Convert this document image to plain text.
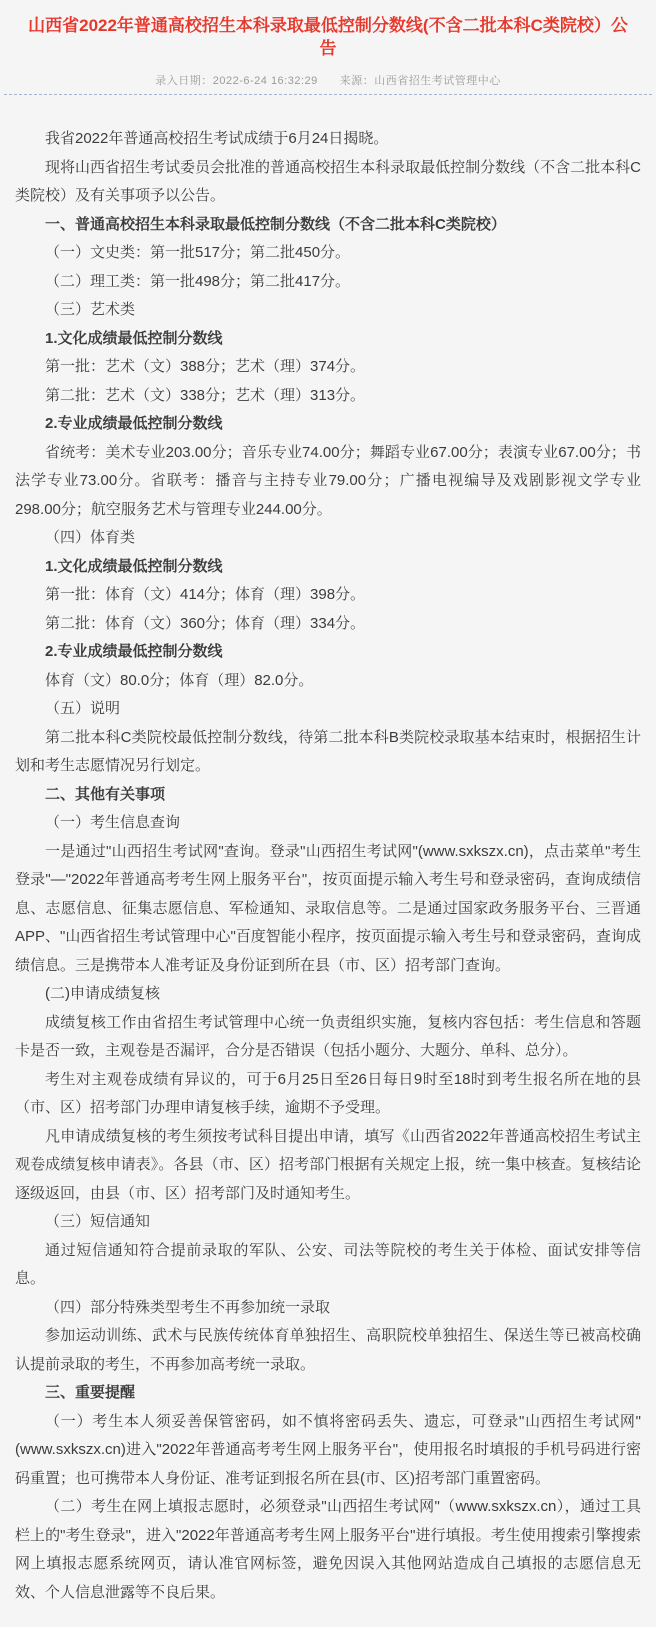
山西省2022年普通高校招生本科录取最低控制分数线(不含二批本科C类院校）公告
录入日期：2022-6-24 16:32:29 来源：山西省招生考试管理中心

我省2022年普通高校招生考试成绩于6月24日揭晓。

现将山西省招生考试委员会批准的普通高校招生本科录取最低控制分数线（不含二批本科C类院校）及有关事项予以公告。

一、普通高校招生本科录取最低控制分数线（不含二批本科C类院校）

（一）文史类：第一批517分；第二批450分。

（二）理工类：第一批498分；第二批417分。

（三）艺术类

1.文化成绩最低控制分数线

第一批：艺术（文）388分；艺术（理）374分。

第二批：艺术（文）338分；艺术（理）313分。

2.专业成绩最低控制分数线

省统考：美术专业203.00分；音乐专业74.00分；舞蹈专业67.00分；表演专业67.00分；书法学专业73.00分。省联考：播音与主持专业79.00分；广播电视编导及戏剧影视文学专业298.00分；航空服务艺术与管理专业244.00分。

（四）体育类

1.文化成绩最低控制分数线

第一批：体育（文）414分；体育（理）398分。

第二批：体育（文）360分；体育（理）334分。

2.专业成绩最低控制分数线

体育（文）80.0分；体育（理）82.0分。

（五）说明

第二批本科C类院校最低控制分数线，待第二批本科B类院校录取基本结束时，根据招生计划和考生志愿情况另行划定。

二、其他有关事项

（一）考生信息查询

一是通过"山西招生考试网"查询。登录"山西招生考试网"(www.sxkszx.cn)，点击菜单"考生登录"—"2022年普通高考考生网上服务平台"，按页面提示输入考生号和登录密码，查询成绩信息、志愿信息、征集志愿信息、军检通知、录取信息等。二是通过国家政务服务平台、三晋通APP、"山西省招生考试管理中心"百度智能小程序，按页面提示输入考生号和登录密码，查询成绩信息。三是携带本人准考证及身份证到所在县（市、区）招考部门查询。

(二)申请成绩复核

成绩复核工作由省招生考试管理中心统一负责组织实施，复核内容包括：考生信息和答题卡是否一致，主观卷是否漏评，合分是否错误（包括小题分、大题分、单科、总分）。

考生对主观卷成绩有异议的，可于6月25日至26日每日9时至18时到考生报名所在地的县（市、区）招考部门办理申请复核手续，逾期不予受理。

凡申请成绩复核的考生须按考试科目提出申请，填写《山西省2022年普通高校招生考试主观卷成绩复核申请表》。各县（市、区）招考部门根据有关规定上报，统一集中核查。复核结论逐级返回，由县（市、区）招考部门及时通知考生。

（三）短信通知

通过短信通知符合提前录取的军队、公安、司法等院校的考生关于体检、面试安排等信息。

（四）部分特殊类型考生不再参加统一录取

参加运动训练、武术与民族传统体育单独招生、高职院校单独招生、保送生等已被高校确认提前录取的考生，不再参加高考统一录取。

三、重要提醒

（一）考生本人须妥善保管密码，如不慎将密码丢失、遗忘，可登录"山西招生考试网"(www.sxkszx.cn)进入"2022年普通高考考生网上服务平台"，使用报名时填报的手机号码进行密码重置；也可携带本人身份证、准考证到报名所在县(市、区)招考部门重置密码。

（二）考生在网上填报志愿时，必须登录"山西招生考试网"（www.sxkszx.cn），通过工具栏上的"考生登录"，进入"2022年普通高考考生网上服务平台"进行填报。考生使用搜索引擎搜索网上填报志愿系统网页，请认准官网标签，避免因误入其他网站造成自己填报的志愿信息无效、个人信息泄露等不良后果。
